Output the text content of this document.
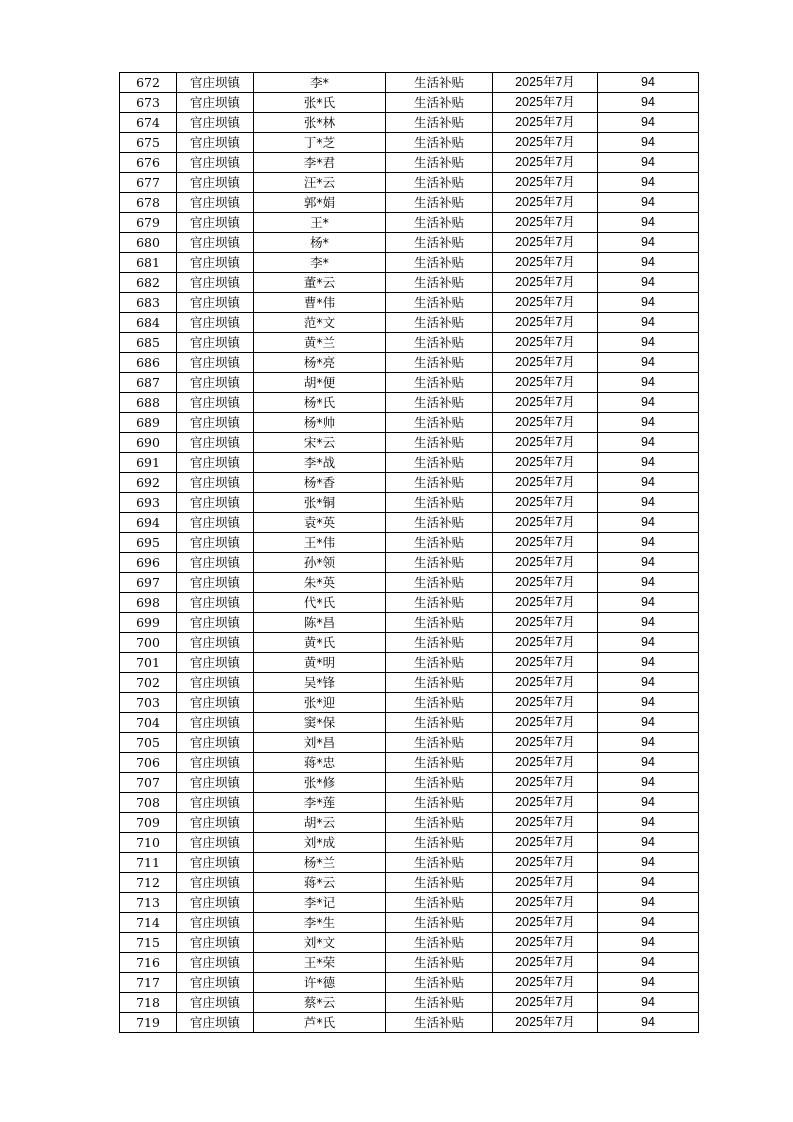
672	官庄坝镇	李*	生活补贴	2025年7月	94
673	官庄坝镇	张*氏	生活补贴	2025年7月	94
674	官庄坝镇	张*林	生活补贴	2025年7月	94
675	官庄坝镇	丁*芝	生活补贴	2025年7月	94
676	官庄坝镇	李*君	生活补贴	2025年7月	94
677	官庄坝镇	汪*云	生活补贴	2025年7月	94
678	官庄坝镇	郭*娟	生活补贴	2025年7月	94
679	官庄坝镇	王*	生活补贴	2025年7月	94
680	官庄坝镇	杨*	生活补贴	2025年7月	94
681	官庄坝镇	李*	生活补贴	2025年7月	94
682	官庄坝镇	董*云	生活补贴	2025年7月	94
683	官庄坝镇	曹*伟	生活补贴	2025年7月	94
684	官庄坝镇	范*文	生活补贴	2025年7月	94
685	官庄坝镇	黄*兰	生活补贴	2025年7月	94
686	官庄坝镇	杨*亮	生活补贴	2025年7月	94
687	官庄坝镇	胡*便	生活补贴	2025年7月	94
688	官庄坝镇	杨*氏	生活补贴	2025年7月	94
689	官庄坝镇	杨*帅	生活补贴	2025年7月	94
690	官庄坝镇	宋*云	生活补贴	2025年7月	94
691	官庄坝镇	李*战	生活补贴	2025年7月	94
692	官庄坝镇	杨*香	生活补贴	2025年7月	94
693	官庄坝镇	张*铜	生活补贴	2025年7月	94
694	官庄坝镇	袁*英	生活补贴	2025年7月	94
695	官庄坝镇	王*伟	生活补贴	2025年7月	94
696	官庄坝镇	孙*领	生活补贴	2025年7月	94
697	官庄坝镇	朱*英	生活补贴	2025年7月	94
698	官庄坝镇	代*氏	生活补贴	2025年7月	94
699	官庄坝镇	陈*昌	生活补贴	2025年7月	94
700	官庄坝镇	黄*氏	生活补贴	2025年7月	94
701	官庄坝镇	黄*明	生活补贴	2025年7月	94
702	官庄坝镇	吴*锋	生活补贴	2025年7月	94
703	官庄坝镇	张*迎	生活补贴	2025年7月	94
704	官庄坝镇	窦*保	生活补贴	2025年7月	94
705	官庄坝镇	刘*昌	生活补贴	2025年7月	94
706	官庄坝镇	蒋*忠	生活补贴	2025年7月	94
707	官庄坝镇	张*修	生活补贴	2025年7月	94
708	官庄坝镇	李*莲	生活补贴	2025年7月	94
709	官庄坝镇	胡*云	生活补贴	2025年7月	94
710	官庄坝镇	刘*成	生活补贴	2025年7月	94
711	官庄坝镇	杨*兰	生活补贴	2025年7月	94
712	官庄坝镇	蒋*云	生活补贴	2025年7月	94
713	官庄坝镇	李*记	生活补贴	2025年7月	94
714	官庄坝镇	李*生	生活补贴	2025年7月	94
715	官庄坝镇	刘*文	生活补贴	2025年7月	94
716	官庄坝镇	王*荣	生活补贴	2025年7月	94
717	官庄坝镇	许*德	生活补贴	2025年7月	94
718	官庄坝镇	蔡*云	生活补贴	2025年7月	94
719	官庄坝镇	芦*氏	生活补贴	2025年7月	94
